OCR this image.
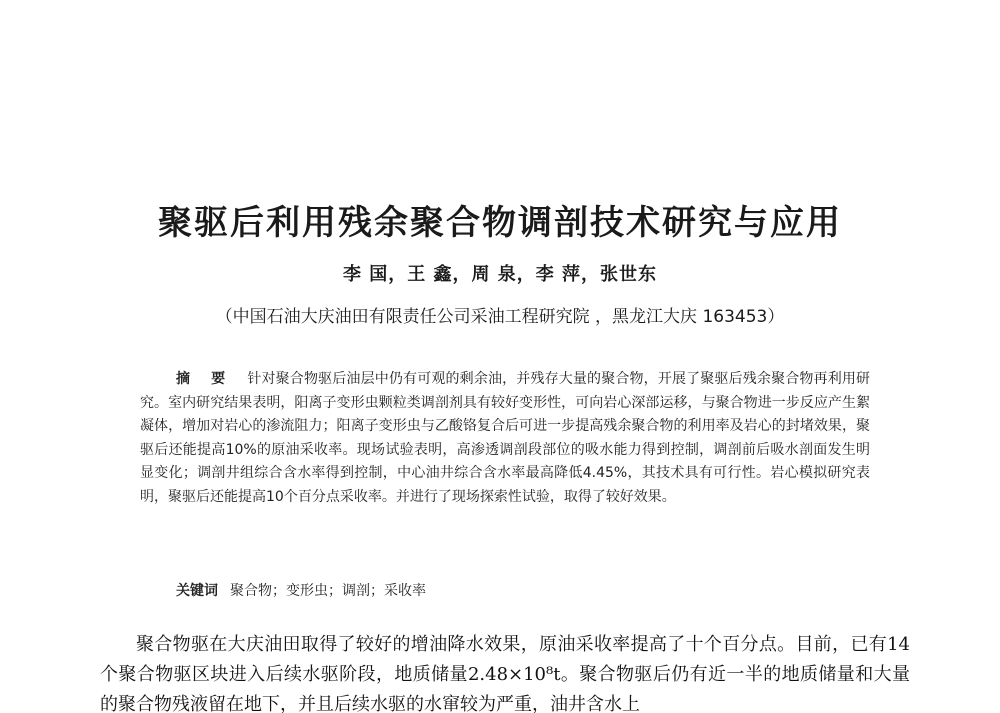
聚驱后利用残余聚合物调剖技术研究与应用
李 国，王 鑫，周 泉，李 萍，张世东
（中国石油大庆油田有限责任公司采油工程研究院 ，黑龙江大庆 163453）
摘 要 针对聚合物驱后油层中仍有可观的剩余油，并残存大量的聚合物，开展了聚驱后残余聚合物再利用研究。室内研究结果表明，阳离子变形虫颗粒类调剖剂具有较好变形性，可向岩心深部运移，与聚合物进一步反应产生絮凝体，增加对岩心的渗流阻力；阳离子变形虫与乙酸铬复合后可进一步提高残余聚合物的利用率及岩心的封堵效果，聚驱后还能提高10%的原油采收率。现场试验表明，高渗透调剖段部位的吸水能力得到控制，调剖前后吸水剖面发生明显变化；调剖井组综合含水率得到控制，中心油井综合含水率最高降低4.45%，其技术具有可行性。岩心模拟研究表明，聚驱后还能提高10个百分点采收率。并进行了现场探索性试验，取得了较好效果。
关键词 聚合物；变形虫；调剖；采收率
聚合物驱在大庆油田取得了较好的增油降水效果，原油采收率提高了十个百分点。目前，已有14个聚合物驱区块进入后续水驱阶段，地质储量2.48×10⁸t。聚合物驱后仍有近一半的地质储量和大量的聚合物残液留在地下，并且后续水驱的水窜较为严重，油井含水上
